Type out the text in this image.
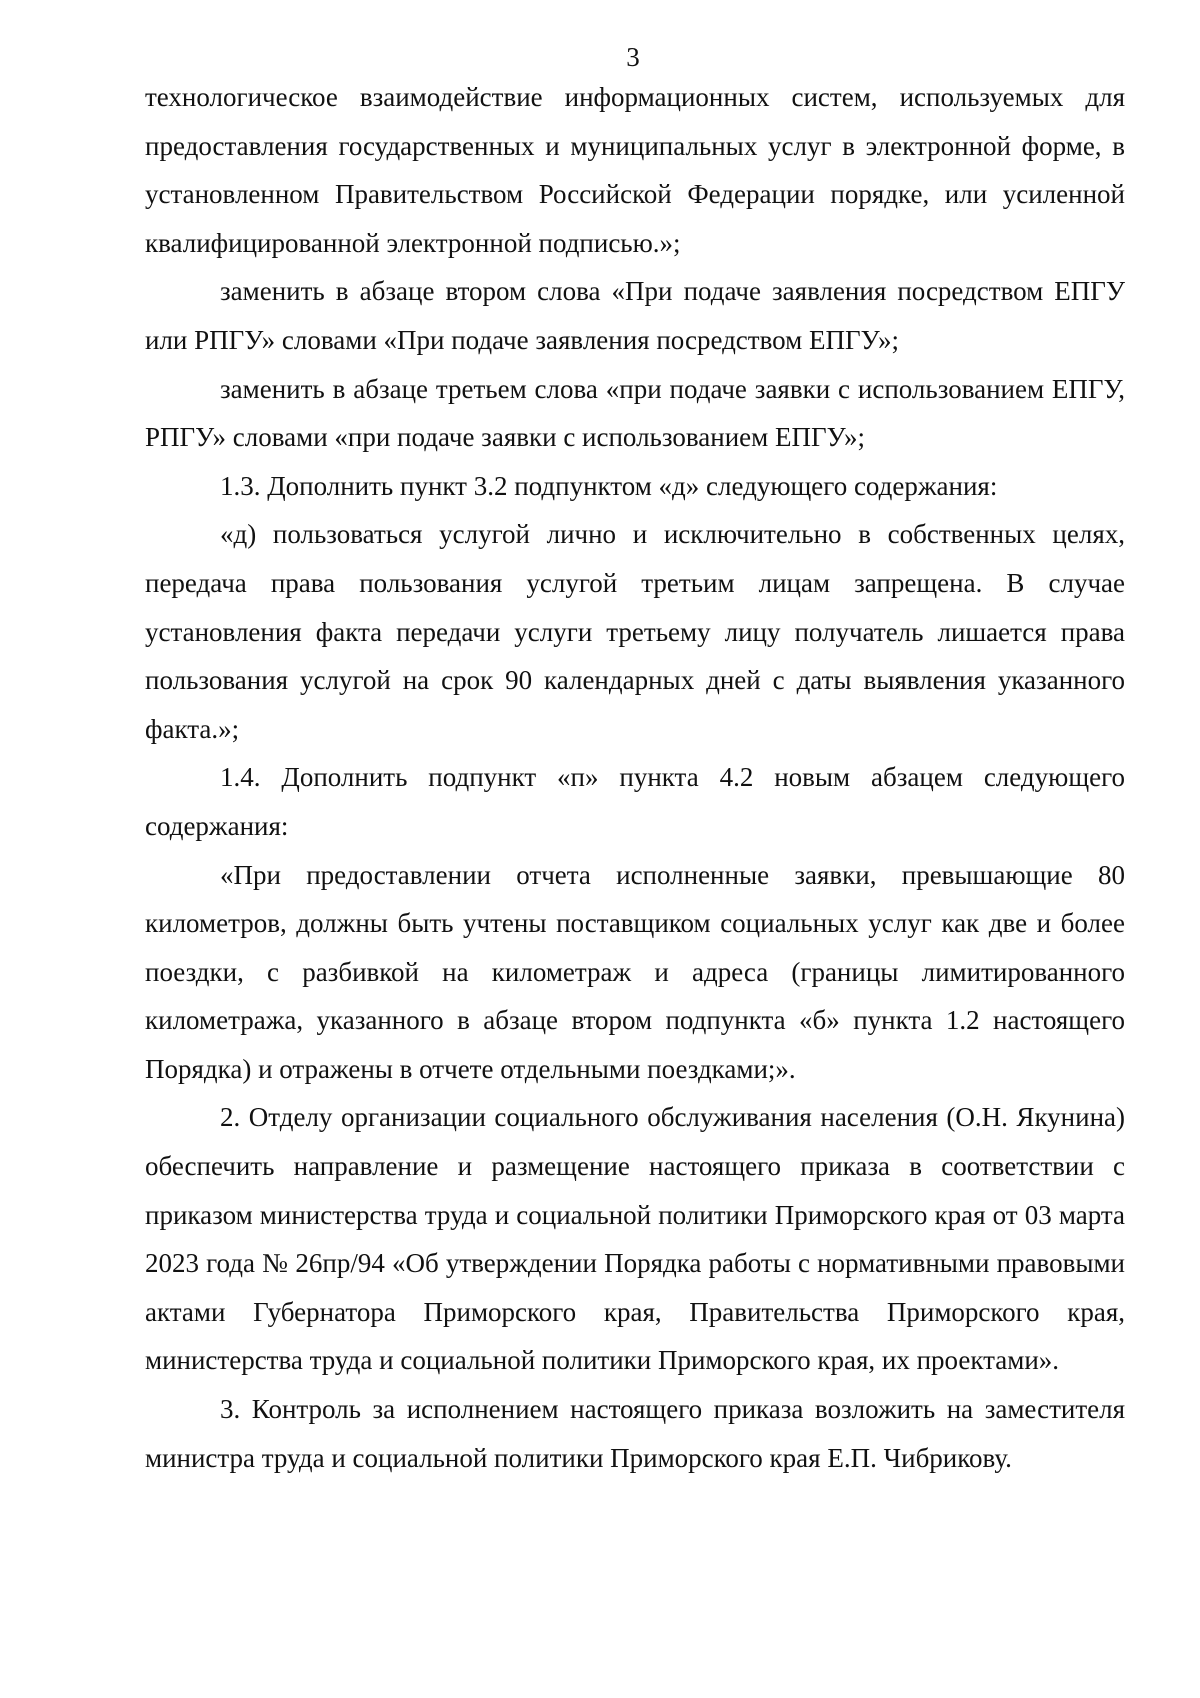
3

технологическое взаимодействие информационных систем, используемых для предоставления государственных и муниципальных услуг в электронной форме, в установленном Правительством Российской Федерации порядке, или усиленной квалифицированной электронной подписью.»;

заменить в абзаце втором слова «При подаче заявления посредством ЕПГУ или РПГУ» словами «При подаче заявления посредством ЕПГУ»;

заменить в абзаце третьем слова «при подаче заявки с использованием ЕПГУ, РПГУ» словами «при подаче заявки с использованием ЕПГУ»;

1.3. Дополнить пункт 3.2 подпунктом «д» следующего содержания:

«д) пользоваться услугой лично и исключительно в собственных целях, передача права пользования услугой третьим лицам запрещена. В случае установления факта передачи услуги третьему лицу получатель лишается права пользования услугой на срок 90 календарных дней с даты выявления указанного факта.»;

1.4. Дополнить подпункт «п» пункта 4.2 новым абзацем следующего содержания:

«При предоставлении отчета исполненные заявки, превышающие 80 километров, должны быть учтены поставщиком социальных услуг как две и более поездки, с разбивкой на километраж и адреса (границы лимитированного километража, указанного в абзаце втором подпункта «б» пункта 1.2 настоящего Порядка) и отражены в отчете отдельными поездками;».

2. Отделу организации социального обслуживания населения (О.Н. Якунина) обеспечить направление и размещение настоящего приказа в соответствии с приказом министерства труда и социальной политики Приморского края от 03 марта 2023 года № 26пр/94 «Об утверждении Порядка работы с нормативными правовыми актами Губернатора Приморского края, Правительства Приморского края, министерства труда и социальной политики Приморского края, их проектами».

3. Контроль за исполнением настоящего приказа возложить на заместителя министра труда и социальной политики Приморского края Е.П. Чибрикову.
